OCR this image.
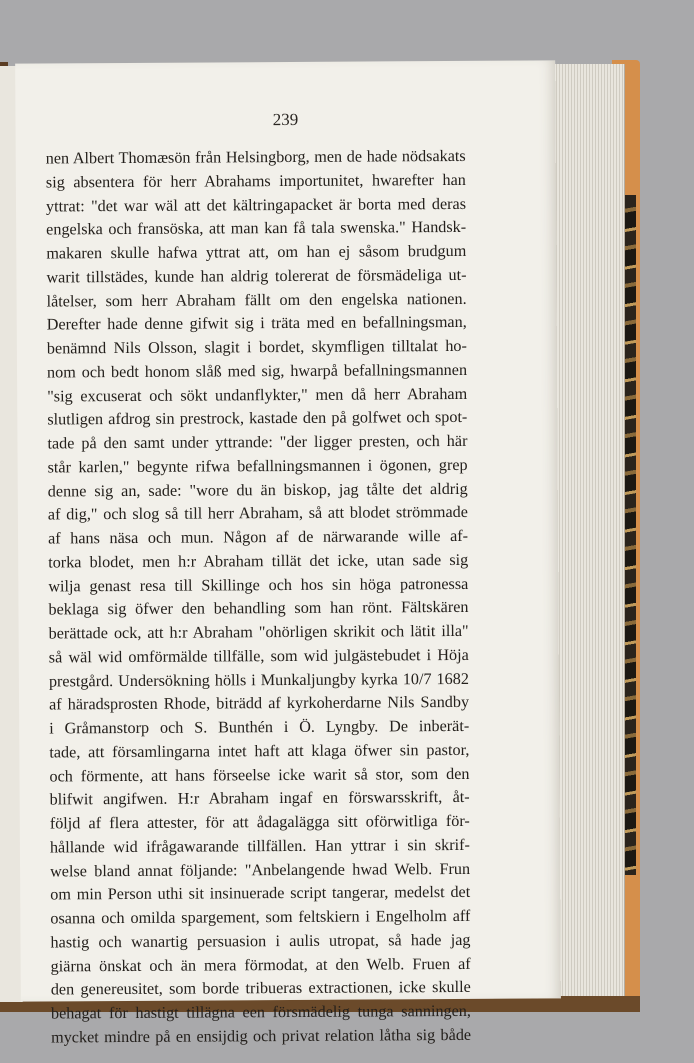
239
nen Albert Thomæsön från Helsingborg, men de hade nödsakats
sig absentera för herr Abrahams importunitet, hwarefter han
yttrat: "det war wäl att det kältringapacket är borta med deras
engelska och fransöska, att man kan få tala swenska." Handsk-
makaren skulle hafwa yttrat att, om han ej såsom brudgum
warit tillstädes, kunde han aldrig tolererat de försmädeliga ut-
låtelser, som herr Abraham fällt om den engelska nationen.
Derefter hade denne gifwit sig i träta med en befallningsman,
benämnd Nils Olsson, slagit i bordet, skymfligen tilltalat ho-
nom och bedt honom slåß med sig, hwarpå befallningsmannen
"sig excuserat och sökt undanflykter," men då herr Abraham
slutligen afdrog sin prestrock, kastade den på golfwet och spot-
tade på den samt under yttrande: "der ligger presten, och här
står karlen," begynte rifwa befallningsmannen i ögonen, grep
denne sig an, sade: "wore du än biskop, jag tålte det aldrig
af dig," och slog så till herr Abraham, så att blodet strömmade
af hans näsa och mun. Någon af de närwarande wille af-
torka blodet, men h:r Abraham tillät det icke, utan sade sig
wilja genast resa till Skillinge och hos sin höga patronessa
beklaga sig öfwer den behandling som han rönt. Fältskären
berättade ock, att h:r Abraham "ohörligen skrikit och lätit illa"
så wäl wid omförmälde tillfälle, som wid julgästebudet i Höja
prestgård. Undersökning hölls i Munkaljungby kyrka 10/7 1682
af häradsprosten Rhode, biträdd af kyrkoherdarne Nils Sandby
i Gråmanstorp och S. Bunthén i Ö. Lyngby. De inberät-
tade, att församlingarna intet haft att klaga öfwer sin pastor,
och förmente, att hans förseelse icke warit så stor, som den
blifwit angifwen. H:r Abraham ingaf en förswarsskrift, åt-
följd af flera attester, för att ådagalägga sitt oförwitliga för-
hållande wid ifrågawarande tillfällen. Han yttrar i sin skrif-
welse bland annat följande: "Anbelangende hwad Welb. Frun
om min Person uthi sit insinuerade script tangerar, medelst det
osanna och omilda spargement, som feltskiern i Engelholm aff
hastig och wanartig persuasion i aulis utropat, så hade jag
giärna önskat och än mera förmodat, at den Welb. Fruen af
den genereusitet, som borde tribueras extractionen, icke skulle
behagat för hastigt tillägna een försmädelig tunga sanningen,
mycket mindre på en ensijdig och privat relation låtha sig både
